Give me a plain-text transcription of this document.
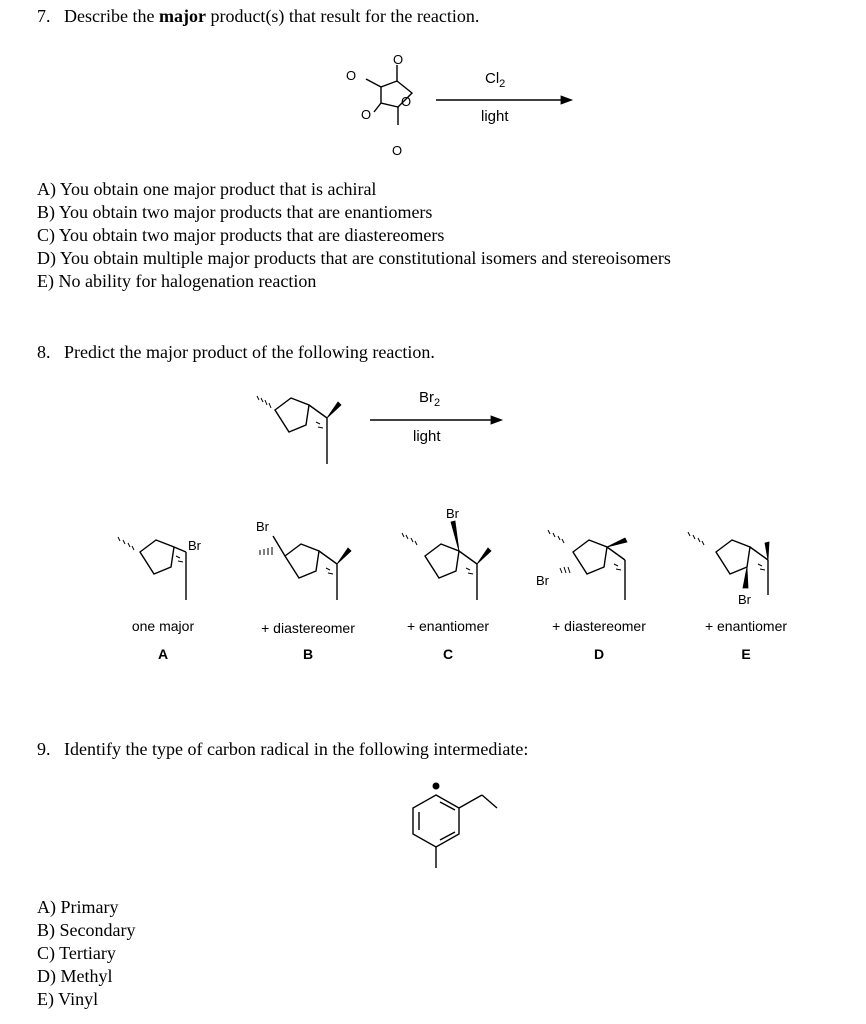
7. Describe the major product(s) that result for the reaction.
O
O
O
O
O
$Cl_2$
light
A) You obtain one major product that is achiral
B) You obtain two major products that are enantiomers
C) You obtain two major products that are diastereomers
D) You obtain multiple major products that are constitutional isomers and stereoisomers
E) No ability for halogenation reaction
8. Predict the major product of the following reaction.
Br
Br
Br
Br
Br
$Br_2$
light
one major
A
+ diastereomer
B
+ enantiomer
C
+ diastereomer
D
+ enantiomer
E
9. Identify the type of carbon radical in the following intermediate:
A) Primary
B) Secondary
C) Tertiary
D) Methyl
E) Vinyl
